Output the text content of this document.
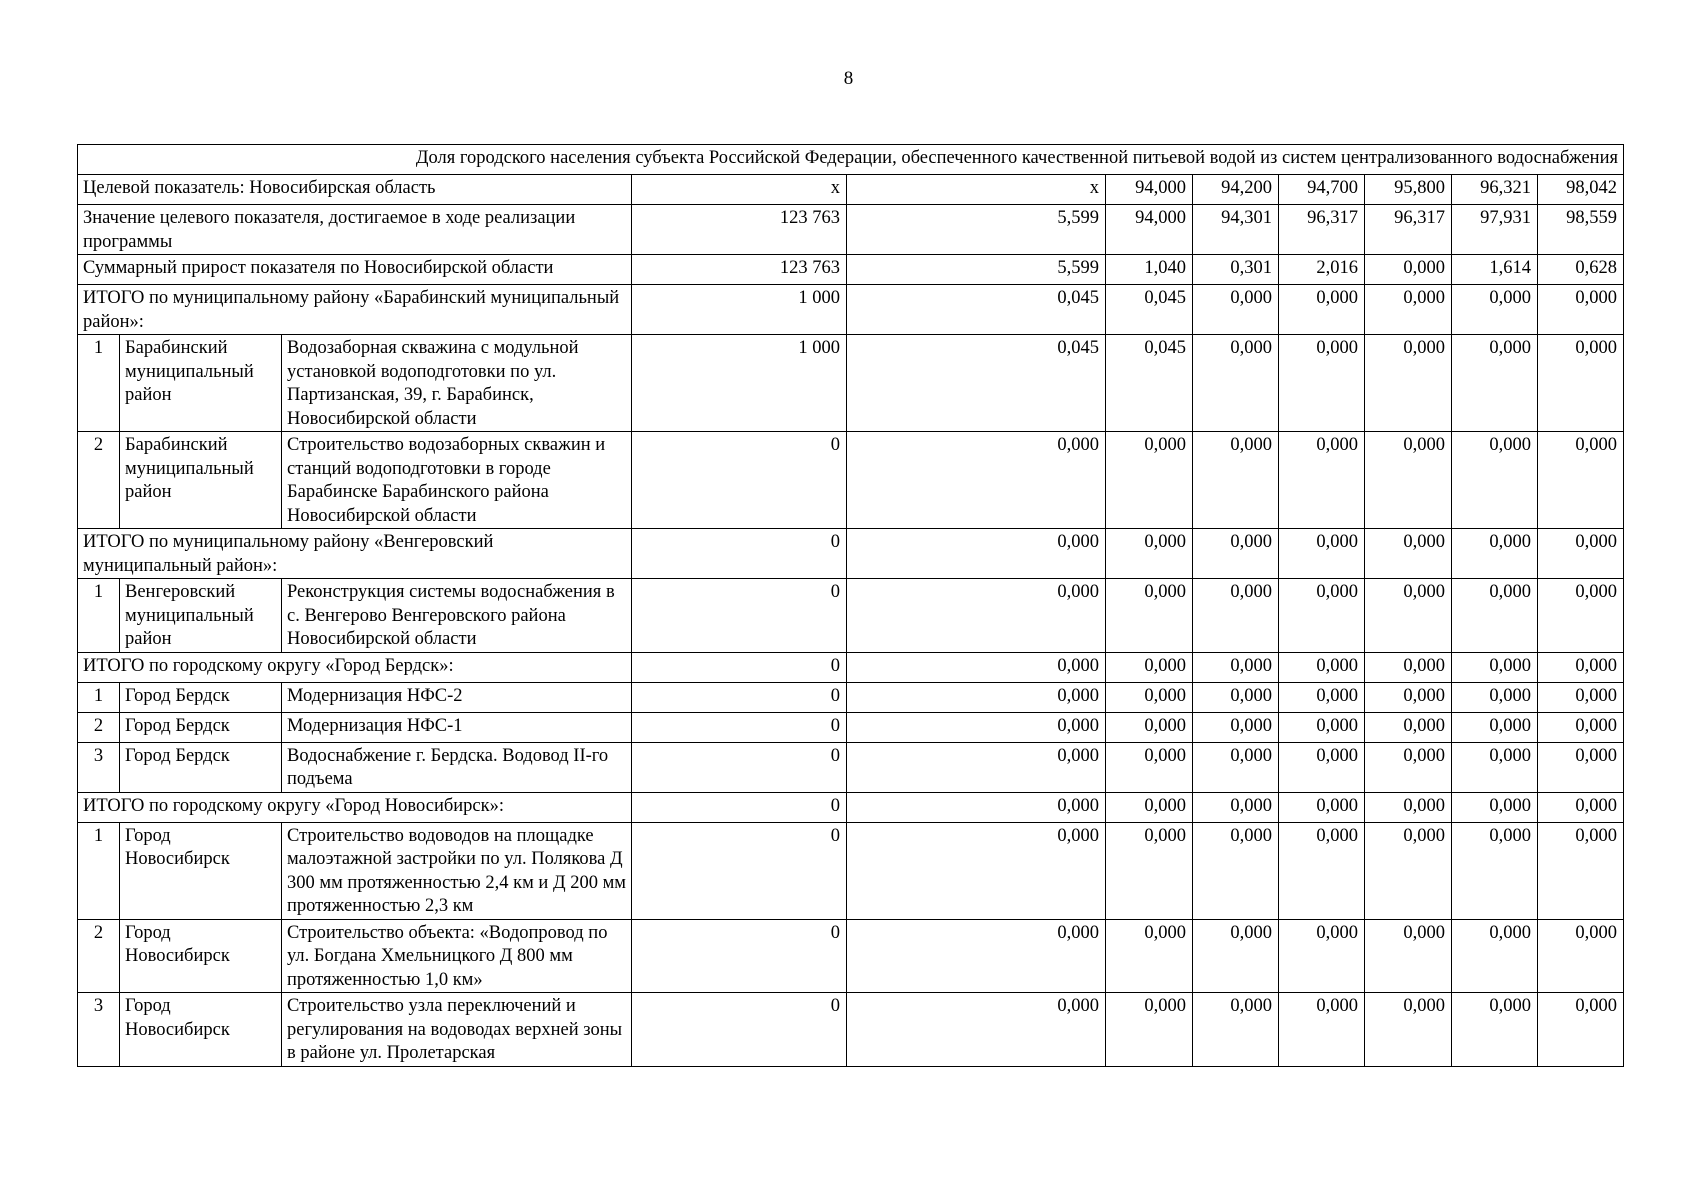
8
Доля городского населения субъекта Российской Федерации, обеспеченного качественной питьевой водой из систем централизованного водоснабжения										
Целевой показатель: Новосибирская область			х	х	94,000	94,200	94,700	95,800	96,321	98,042
Значение целевого показателя, достигаемое в ходе реализации программы			123 763	5,599	94,000	94,301	96,317	96,317	97,931	98,559
Суммарный прирост показателя по Новосибирской области			123 763	5,599	1,040	0,301	2,016	0,000	1,614	0,628
ИТОГО по муниципальному району «Барабинский муниципальный район»:			1 000	0,045	0,045	0,000	0,000	0,000	0,000	0,000
1	Барабинский муниципальный район	Водозаборная скважина с модульной установкой водоподготовки по ул. Партизанская, 39, г. Барабинск, Новосибирской области	1 000	0,045	0,045	0,000	0,000	0,000	0,000	0,000
2	Барабинский муниципальный район	Строительство водозаборных скважин и станций водоподготовки в городе Барабинске Барабинского района Новосибирской области	0	0,000	0,000	0,000	0,000	0,000	0,000	0,000
ИТОГО по муниципальному району «Венгеровский муниципальный район»:			0	0,000	0,000	0,000	0,000	0,000	0,000	0,000
1	Венгеровский муниципальный район	Реконструкция системы водоснабжения в с. Венгерово Венгеровского района Новосибирской области	0	0,000	0,000	0,000	0,000	0,000	0,000	0,000
ИТОГО по городскому округу «Город Бердск»:			0	0,000	0,000	0,000	0,000	0,000	0,000	0,000
1	Город Бердск	Модернизация НФС-2	0	0,000	0,000	0,000	0,000	0,000	0,000	0,000
2	Город Бердск	Модернизация НФС-1	0	0,000	0,000	0,000	0,000	0,000	0,000	0,000
3	Город Бердск	Водоснабжение г. Бердска. Водовод II-го подъема	0	0,000	0,000	0,000	0,000	0,000	0,000	0,000
ИТОГО по городскому округу «Город Новосибирск»:			0	0,000	0,000	0,000	0,000	0,000	0,000	0,000
1	Город Новосибирск	Строительство водоводов на площадке малоэтажной застройки по ул. Полякова Д 300 мм протяженностью 2,4 км и Д 200 мм протяженностью 2,3 км	0	0,000	0,000	0,000	0,000	0,000	0,000	0,000
2	Город Новосибирск	Строительство объекта: «Водопровод по ул. Богдана Хмельницкого Д 800 мм протяженностью 1,0 км»	0	0,000	0,000	0,000	0,000	0,000	0,000	0,000
3	Город Новосибирск	Строительство узла переключений и регулирования на водоводах верхней зоны в районе ул. Пролетарская	0	0,000	0,000	0,000	0,000	0,000	0,000	0,000
